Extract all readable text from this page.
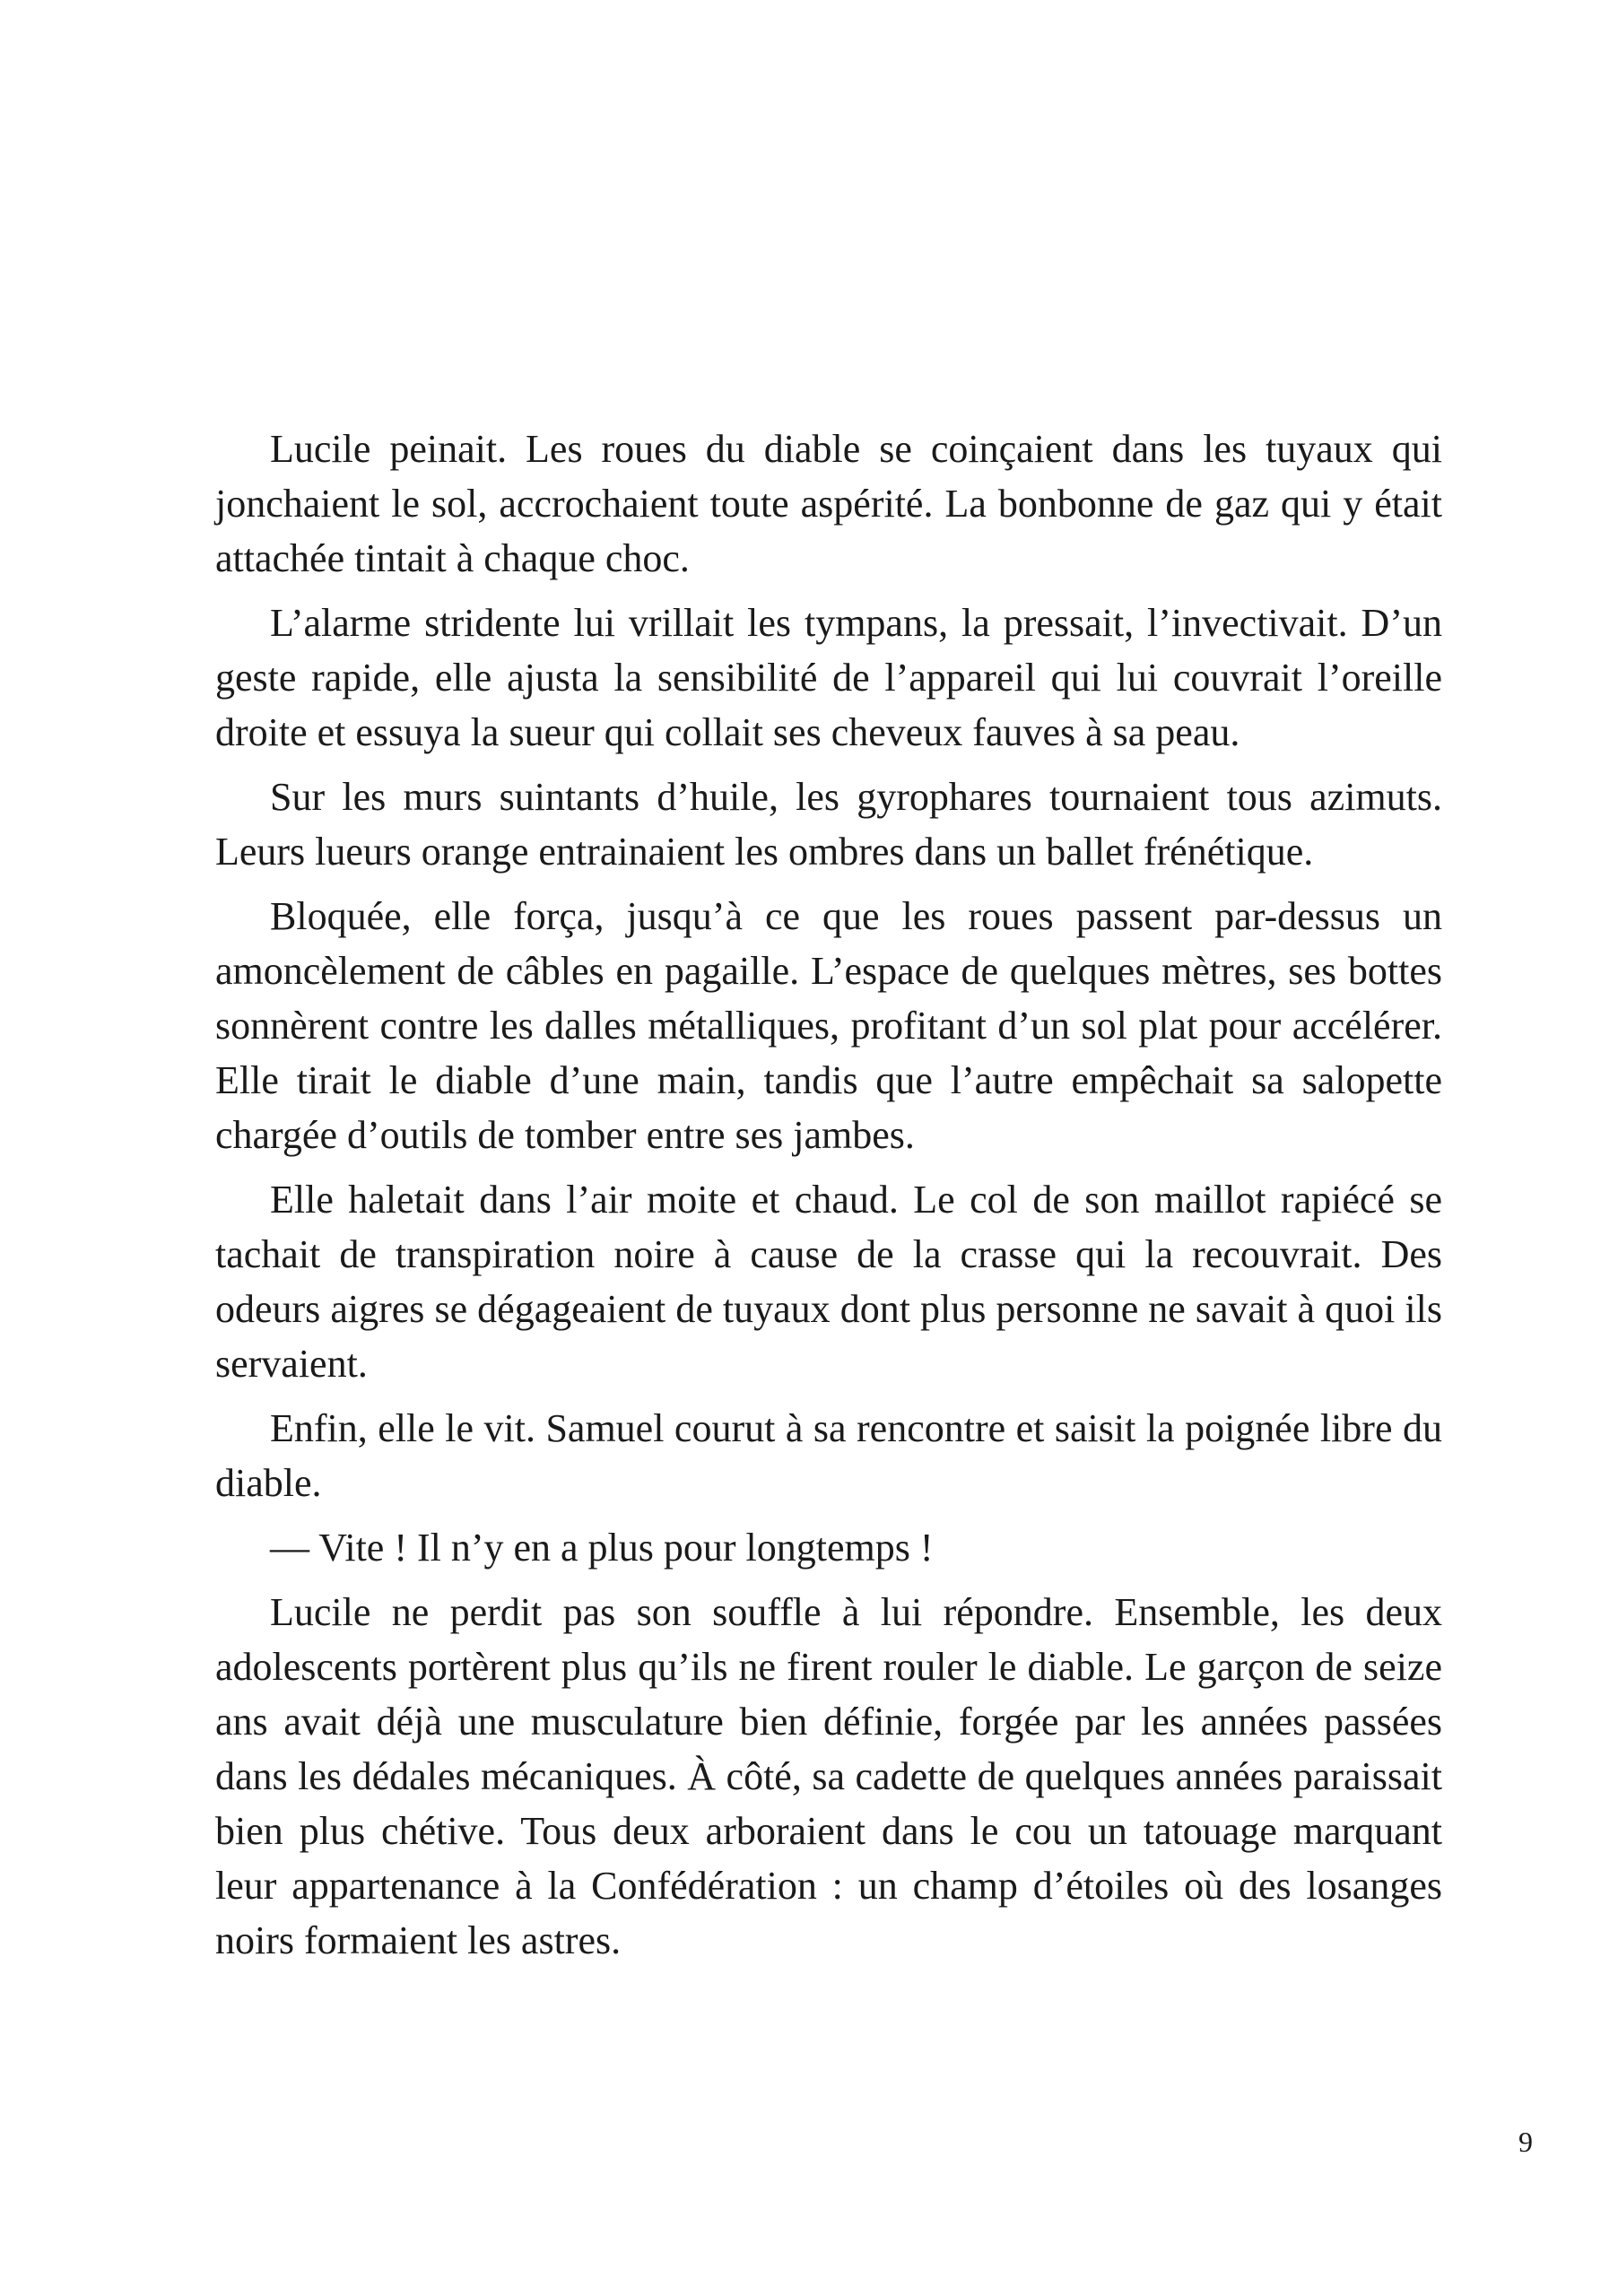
Lucile peinait. Les roues du diable se coinçaient dans les tuyaux qui jonchaient le sol, accrochaient toute aspérité. La bonbonne de gaz qui y était attachée tintait à chaque choc.

L’alarme stridente lui vrillait les tympans, la pressait, l’invectivait. D’un geste rapide, elle ajusta la sensibilité de l’appareil qui lui couvrait l’oreille droite et essuya la sueur qui collait ses cheveux fauves à sa peau.

Sur les murs suintants d’huile, les gyrophares tournaient tous azimuts. Leurs lueurs orange entrainaient les ombres dans un ballet frénétique.

Bloquée, elle força, jusqu’à ce que les roues passent par-dessus un amoncèlement de câbles en pagaille. L’espace de quelques mètres, ses bottes sonnèrent contre les dalles métalliques, profitant d’un sol plat pour accélérer. Elle tirait le diable d’une main, tandis que l’autre empêchait sa salopette chargée d’outils de tomber entre ses jambes.

Elle haletait dans l’air moite et chaud. Le col de son maillot rapiécé se tachait de transpiration noire à cause de la crasse qui la recouvrait. Des odeurs aigres se dégageaient de tuyaux dont plus personne ne savait à quoi ils servaient.

Enfin, elle le vit. Samuel courut à sa rencontre et saisit la poignée libre du diable.

— Vite ! Il n’y en a plus pour longtemps !

Lucile ne perdit pas son souffle à lui répondre. Ensemble, les deux adolescents portèrent plus qu’ils ne firent rouler le diable. Le garçon de seize ans avait déjà une musculature bien définie, forgée par les années passées dans les dédales mécaniques. À côté, sa cadette de quelques années paraissait bien plus chétive. Tous deux arboraient dans le cou un tatouage marquant leur appartenance à la Confédération : un champ d’étoiles où des losanges noirs formaient les astres.

9
